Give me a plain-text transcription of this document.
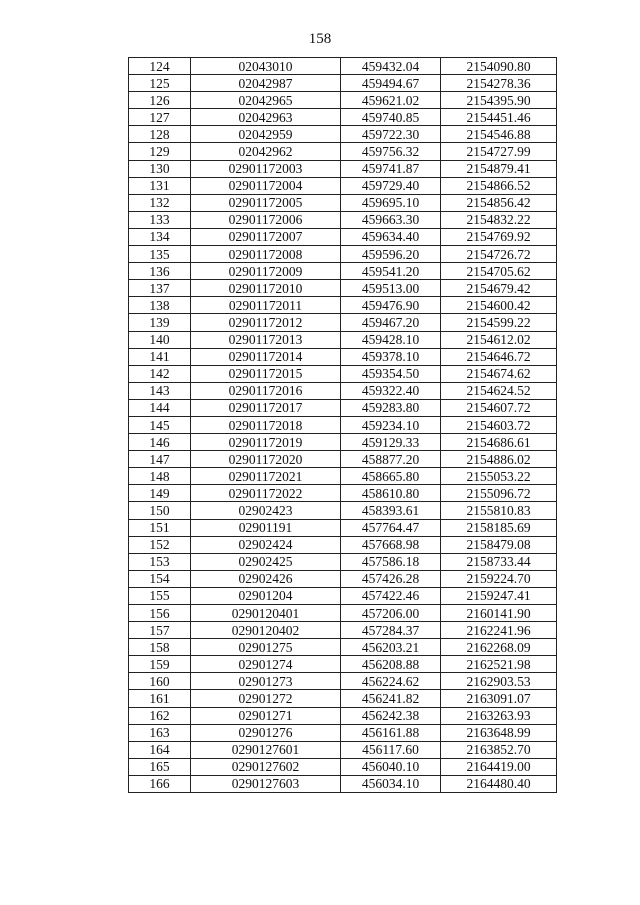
158
124	02043010	459432.04	2154090.80
125	02042987	459494.67	2154278.36
126	02042965	459621.02	2154395.90
127	02042963	459740.85	2154451.46
128	02042959	459722.30	2154546.88
129	02042962	459756.32	2154727.99
130	02901172003	459741.87	2154879.41
131	02901172004	459729.40	2154866.52
132	02901172005	459695.10	2154856.42
133	02901172006	459663.30	2154832.22
134	02901172007	459634.40	2154769.92
135	02901172008	459596.20	2154726.72
136	02901172009	459541.20	2154705.62
137	02901172010	459513.00	2154679.42
138	02901172011	459476.90	2154600.42
139	02901172012	459467.20	2154599.22
140	02901172013	459428.10	2154612.02
141	02901172014	459378.10	2154646.72
142	02901172015	459354.50	2154674.62
143	02901172016	459322.40	2154624.52
144	02901172017	459283.80	2154607.72
145	02901172018	459234.10	2154603.72
146	02901172019	459129.33	2154686.61
147	02901172020	458877.20	2154886.02
148	02901172021	458665.80	2155053.22
149	02901172022	458610.80	2155096.72
150	02902423	458393.61	2155810.83
151	02901191	457764.47	2158185.69
152	02902424	457668.98	2158479.08
153	02902425	457586.18	2158733.44
154	02902426	457426.28	2159224.70
155	02901204	457422.46	2159247.41
156	0290120401	457206.00	2160141.90
157	0290120402	457284.37	2162241.96
158	02901275	456203.21	2162268.09
159	02901274	456208.88	2162521.98
160	02901273	456224.62	2162903.53
161	02901272	456241.82	2163091.07
162	02901271	456242.38	2163263.93
163	02901276	456161.88	2163648.99
164	0290127601	456117.60	2163852.70
165	0290127602	456040.10	2164419.00
166	0290127603	456034.10	2164480.40
